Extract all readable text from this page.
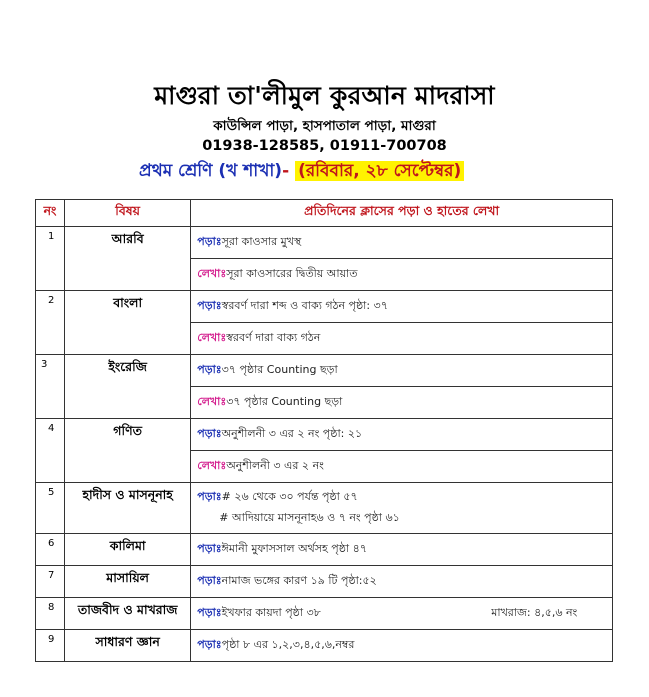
মাগুরা তা'লীমুল কুরআন মাদরাসা
কাউন্সিল পাড়া, হাসপাতাল পাড়া, মাগুরা
01938-128585, 01911-700708
প্রথম শ্রেণি (খ শাখা)- (রবিবার, ২৮ সেপ্টেম্বর)
নং	বিষয়	প্রতিদিনের ক্লাসের পড়া ও হাতের লেখা
1	আরবি	পড়াঃসূরা কাওসার মুখস্থ
		লেখাঃসূরা কাওসারের দ্বিতীয় আয়াত
2	বাংলা	পড়াঃস্বরবর্ণ দারা শব্দ ও বাক্য গঠন পৃষ্ঠা: ৩৭
		লেখাঃস্বরবর্ণ দারা বাক্য গঠন
3	ইংরেজি	পড়াঃ৩৭ পৃষ্ঠার Counting ছড়া
		লেখাঃ৩৭ পৃষ্ঠার Counting ছড়া
4	গণিত	পড়াঃঅনুশীলনী ৩ এর ২ নং পৃষ্ঠা: ২১
		লেখাঃঅনুশীলনী ৩ এর ২ নং
5	হাদীস ও মাসনূনাহ	পড়াঃ# ২৬ থেকে ৩০ পর্যন্ত পৃষ্ঠা ৫৭
# আদিয়ায়ে মাসনূনাহ৬ ও ৭ নং পৃষ্ঠা ৬১

6	কালিমা	পড়াঃঈমানী মুফাসসাল অর্থসহ পৃষ্ঠা ৪৭
7	মাসায়িল	পড়াঃনামাজ ভঙ্গের কারণ ১৯ টি পৃষ্ঠা:৫২
8	তাজবীদ ও মাখরাজ	পড়াঃইখফার কায়দা পৃষ্ঠা ৩৮ মাখরাজ: ৪,৫,৬ নং

9	সাধারণ জ্ঞান	পড়াঃপৃষ্ঠা ৮ এর ১,২,৩,৪,৫,৬,নম্বর
